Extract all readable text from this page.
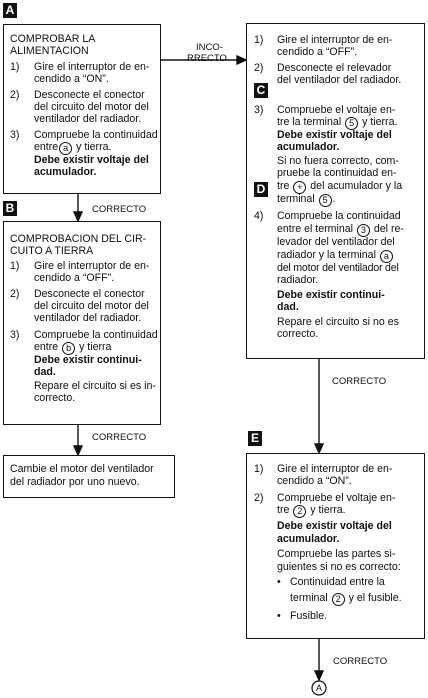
A
A
COMPROBAR LA
ALIMENTACION
1) Gire el interruptor de en-
cendido a “ON”.
2) Desconecte el conector
del circuito del motor del
ventilador del radiador.
3) Compruebe la continuidad
entre a y tierra.
Debe existir voltaje del
acumulador.
INCO-
RRECTO
CORRECTO
B
COMPROBACION DEL CIR-
CUITO A TIERRA
1) Gire el interruptor de en-
cendido a “OFF”.
2) Desconecte el conector
del circuito del motor del
ventilador del radiador.
3) Compruebe la continuidad
entre b y tierra
Debe existir continui-
dad.
Repare el circuito si es in-
correcto.
CORRECTO
Cambie el motor del ventilador
del radiador por uno nuevo.
1) Gire el interruptor de en-
cendido a “OFF”.
2) Desconecte el relevador
del ventilador del radiador.
C
3) Compruebe el voltaje en-
tre la terminal 5 y tierra.
Debe existir voltaje del
acumulador.
Si no fuera correcto, com-
pruebe la continuidad en-
D tre + del acumulador y la
terminal 5 .
4) Compruebe la continuidad
entre el terminal 3 del re-
levador del ventilador del
radiador y la terminal a
del motor del ventilador del
radiador.
Debe existir continui-
dad.
Repare el circuito si no es
correcto.
CORRECTO
E
1) Gire el interruptor de en-
cendido a “ON”.
2) Compruebe el voltaje en-
tre 2 y tierra.
Debe existir voltaje del
acumulador.
Compruebe las partes si-
guientes si no es correcto:
• Continuidad entre la
terminal 2 y el fusible.
• Fusible.
CORRECTO
